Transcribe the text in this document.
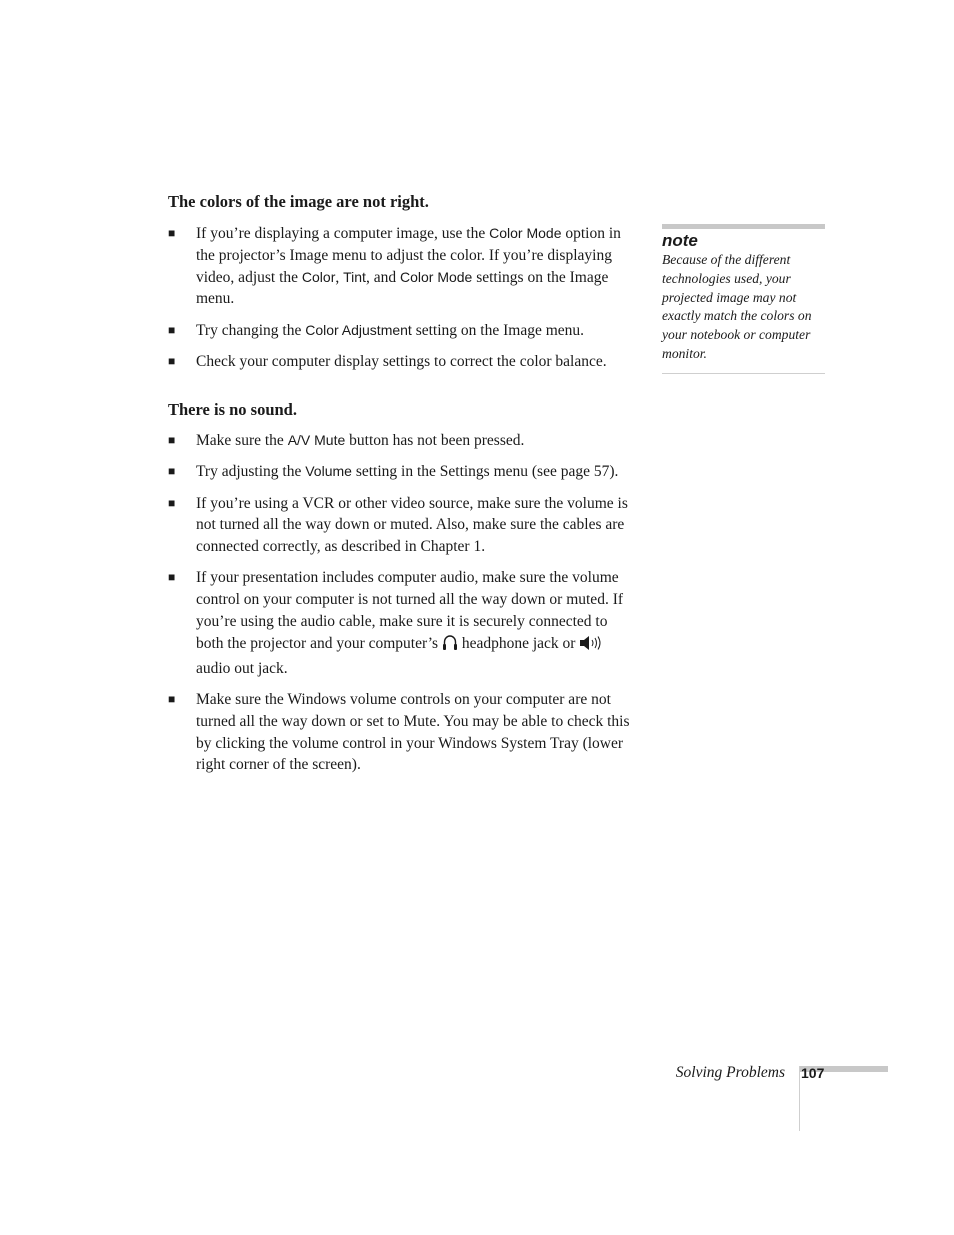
The colors of the image are not right.
■ If you’re displaying a computer image, use the Color Mode option in the projector’s Image menu to adjust the color. If you’re displaying video, adjust the Color, Tint, and Color Mode settings on the Image menu.
■ Try changing the Color Adjustment setting on the Image menu.
■ Check your computer display settings to correct the color balance.
There is no sound.
■ Make sure the A/V Mute button has not been pressed.
■ Try adjusting the Volume setting in the Settings menu (see page 57).
■ If you’re using a VCR or other video source, make sure the volume is not turned all the way down or muted. Also, make sure the cables are connected correctly, as described in Chapter 1.
■ If your presentation includes computer audio, make sure the volume control on your computer is not turned all the way down or muted. If you’re using the audio cable, make sure it is securely connected to both the projector and your computer’s  headphone jack or  audio out jack.
■ Make sure the Windows volume controls on your computer are not turned all the way down or set to Mute. You may be able to check this by clicking the volume control in your Windows System Tray (lower right corner of the screen).
note

Because of the different technologies used, your projected image may not exactly match the colors on your notebook or computer monitor.

Solving Problems 107
